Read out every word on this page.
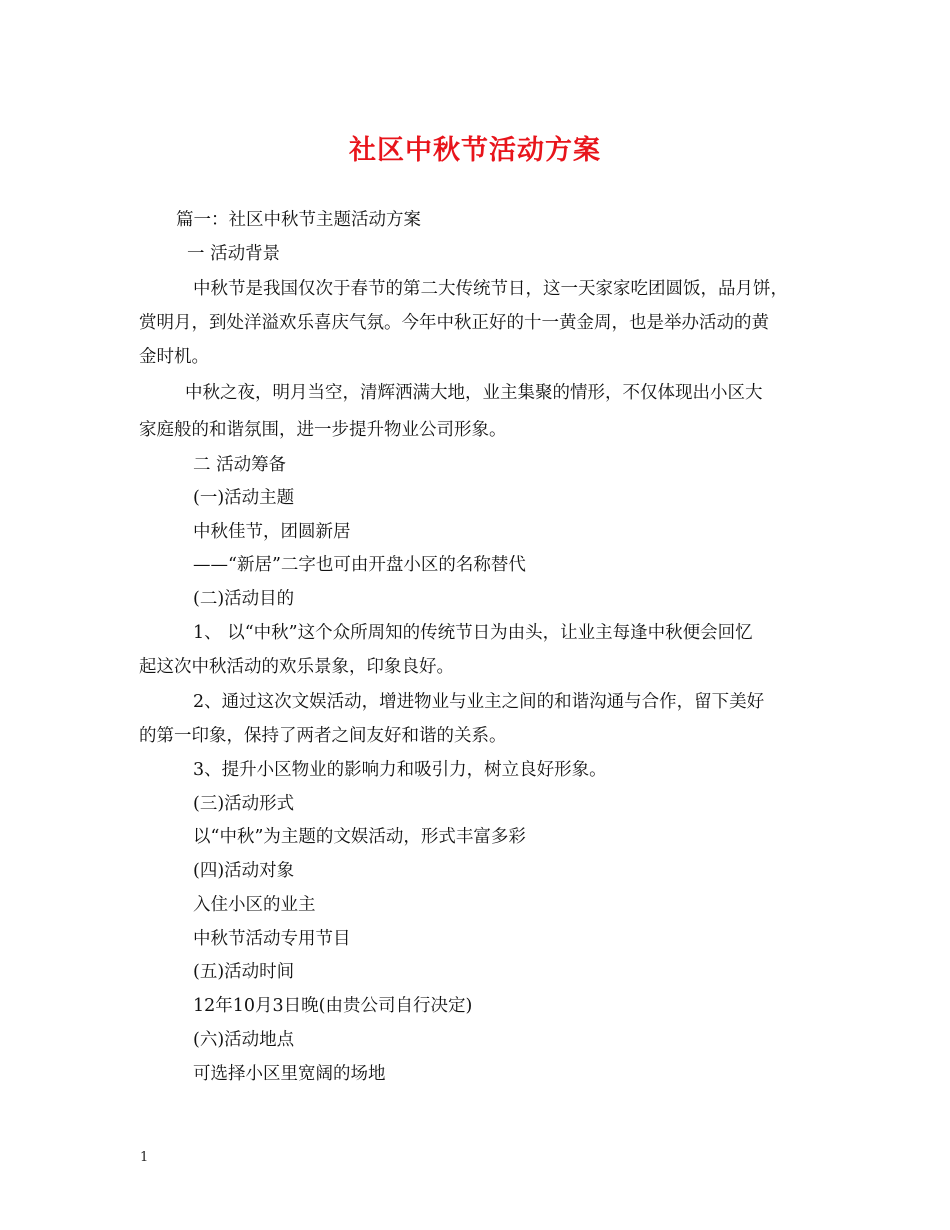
社区中秋节活动方案
篇一：社区中秋节主题活动方案
一 活动背景
中秋节是我国仅次于春节的第二大传统节日，这一天家家吃团圆饭，品月饼，
赏明月，到处洋溢欢乐喜庆气氛。今年中秋正好的十一黄金周，也是举办活动的黄
金时机。
中秋之夜，明月当空，清辉洒满大地，业主集聚的情形，不仅体现出小区大
家庭般的和谐氛围，进一步提升物业公司形象。
二 活动筹备
(一)活动主题
中秋佳节，团圆新居
——“新居”二字也可由开盘小区的名称替代
(二)活动目的
1、 以“中秋”这个众所周知的传统节日为由头，让业主每逢中秋便会回忆
起这次中秋活动的欢乐景象，印象良好。
2、通过这次文娱活动，增进物业与业主之间的和谐沟通与合作，留下美好
的第一印象，保持了两者之间友好和谐的关系。
3、提升小区物业的影响力和吸引力，树立良好形象。
(三)活动形式
以“中秋”为主题的文娱活动，形式丰富多彩
(四)活动对象
入住小区的业主
中秋节活动专用节目
(五)活动时间
12年10月3日晚(由贵公司自行决定)
(六)活动地点
可选择小区里宽阔的场地
1
